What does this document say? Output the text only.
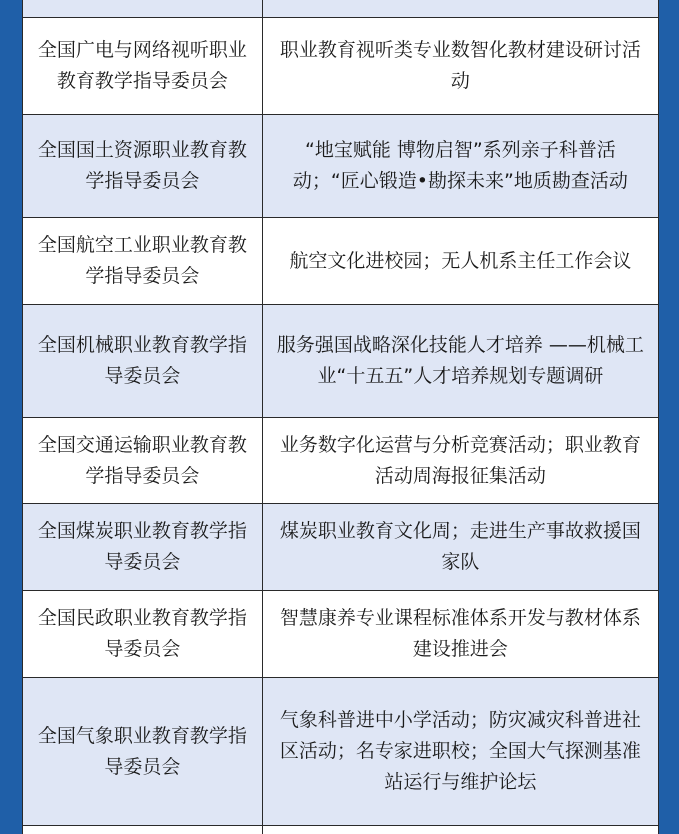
全国广电与网络视听职业教育教学指导委员会	职业教育视听类专业数智化教材建设研讨活动

全国国土资源职业教育教学指导委员会	“地宝赋能 博物启智”系列亲子科普活动；“匠心锻造•勘探未来”地质勘查活动

全国航空工业职业教育教学指导委员会	航空文化进校园；无人机系主任工作会议

全国机械职业教育教学指导委员会	服务强国战略深化技能人才培养 ——机械工业“十五五”人才培养规划专题调研

全国交通运输职业教育教学指导委员会	业务数字化运营与分析竞赛活动；职业教育活动周海报征集活动

全国煤炭职业教育教学指导委员会	煤炭职业教育文化周；走进生产事故救援国家队

全国民政职业教育教学指导委员会	智慧康养专业课程标准体系开发与教材体系建设推进会

全国气象职业教育教学指导委员会	气象科普进中小学活动；防灾减灾科普进社区活动；名专家进职校；全国大气探测基准站运行与维护论坛
